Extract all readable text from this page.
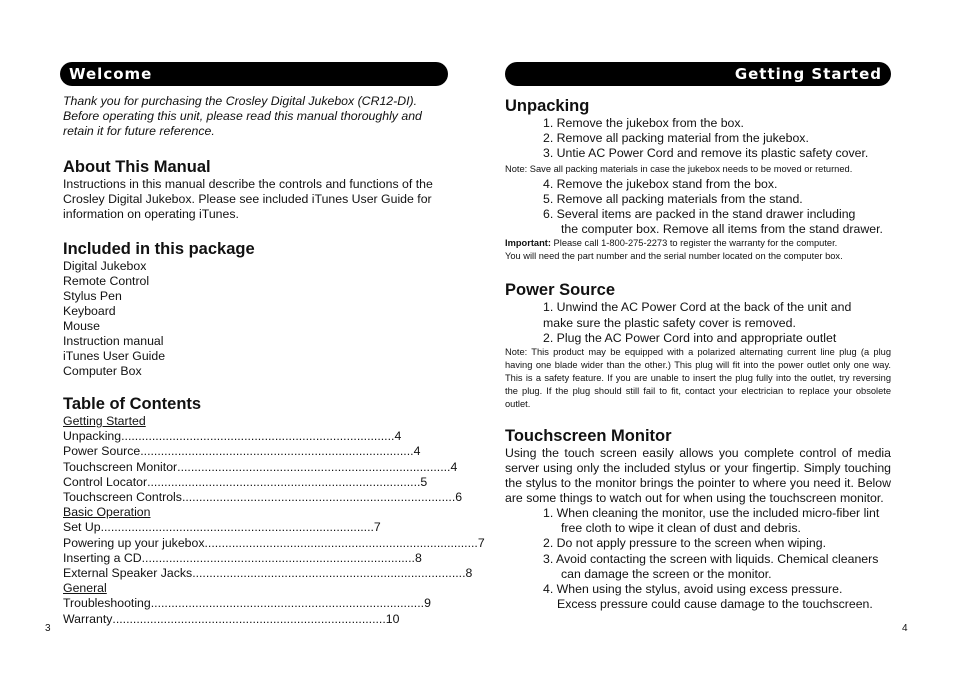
Welcome
Thank you for purchasing the Crosley Digital Jukebox (CR12-DI). Before operating this unit, please read this manual thoroughly and retain it for future reference.
About This Manual
Instructions in this manual describe the controls and functions of the Crosley Digital Jukebox. Please see included iTunes User Guide for information on operating iTunes.
Included in this package
Digital Jukebox
Remote Control
Stylus Pen
Keyboard
Mouse
Instruction manual
iTunes User Guide
Computer Box
Table of Contents
Getting Started
Unpacking ................................................................................ 4
Power Source ................................................................................ 4
Touchscreen Monitor ................................................................................ 4
Control Locator ................................................................................ 5
Touchscreen Controls ................................................................................ 6
Basic Operation
Set Up ................................................................................ 7
Powering up your jukebox ................................................................................ 7
Inserting a CD ................................................................................ 8
External Speaker Jacks ................................................................................ 8
General
Troubleshooting ................................................................................ 9
Warranty ................................................................................ 10
3
Getting Started
Unpacking
1. Remove the jukebox from the box.
2. Remove all packing material from the jukebox.
3. Untie AC Power Cord and remove its plastic safety cover.
Note: Save all packing materials in case the jukebox needs to be moved or returned.
4. Remove the jukebox stand from the box.
5. Remove all packing materials from the stand.
6. Several items are packed in the stand drawer including
the computer box. Remove all items from the stand drawer.
Important: Please call 1-800-275-2273 to register the warranty for the computer.
You will need the part number and the serial number located on the computer box.
Power Source
1. Unwind the AC Power Cord at the back of the unit and
make sure the plastic safety cover is removed.
2. Plug the AC Power Cord into and appropriate outlet
Note: This product may be equipped with a polarized alternating current line plug (a plug having one blade wider than the other.) This plug will fit into the power outlet only one way. This is a safety feature. If you are unable to insert the plug fully into the outlet, try reversing the plug. If the plug should still fail to fit, contact your electrician to replace your obsolete outlet.
Touchscreen Monitor
Using the touch screen easily allows you complete control of media server using only the included stylus or your fingertip. Simply touching the stylus to the monitor brings the pointer to where you need it. Below are some things to watch out for when using the touchscreen monitor.
1. When cleaning the monitor, use the included micro-fiber lint
free cloth to wipe it clean of dust and debris.
2. Do not apply pressure to the screen when wiping.
3. Avoid contacting the screen with liquids. Chemical cleaners
can damage the screen or the monitor.
4. When using the stylus, avoid using excess pressure.
Excess pressure could cause damage to the touchscreen.
4
